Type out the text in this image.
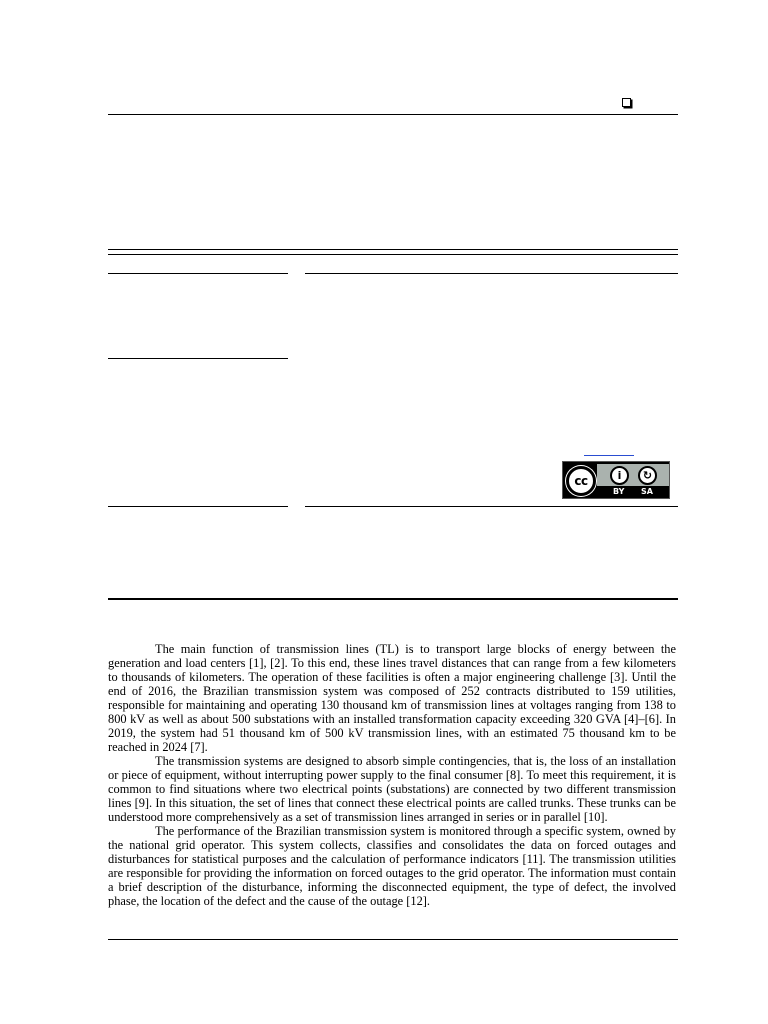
cc	i	↻
BY SA

The main function of transmission lines (TL) is to transport large blocks of energy between the generation and load centers [1], [2]. To this end, these lines travel distances that can range from a few kilometers to thousands of kilometers. The operation of these facilities is often a major engineering challenge [3]. Until the end of 2016, the Brazilian transmission system was composed of 252 contracts distributed to 159 utilities, responsible for maintaining and operating 130 thousand km of transmission lines at voltages ranging from 138 to 800 kV as well as about 500 substations with an installed transformation capacity exceeding 320 GVA [4]–[6]. In 2019, the system had 51 thousand km of 500 kV transmission lines, with an estimated 75 thousand km to be reached in 2024 [7].

The transmission systems are designed to absorb simple contingencies, that is, the loss of an installation or piece of equipment, without interrupting power supply to the final consumer [8]. To meet this requirement, it is common to find situations where two electrical points (substations) are connected by two different transmission lines [9]. In this situation, the set of lines that connect these electrical points are called trunks. These trunks can be understood more comprehensively as a set of transmission lines arranged in series or in parallel [10].

The performance of the Brazilian transmission system is monitored through a specific system, owned by the national grid operator. This system collects, classifies and consolidates the data on forced outages and disturbances for statistical purposes and the calculation of performance indicators [11]. The transmission utilities are responsible for providing the information on forced outages to the grid operator. The information must contain a brief description of the disturbance, informing the disconnected equipment, the type of defect, the involved phase, the location of the defect and the cause of the outage [12].
